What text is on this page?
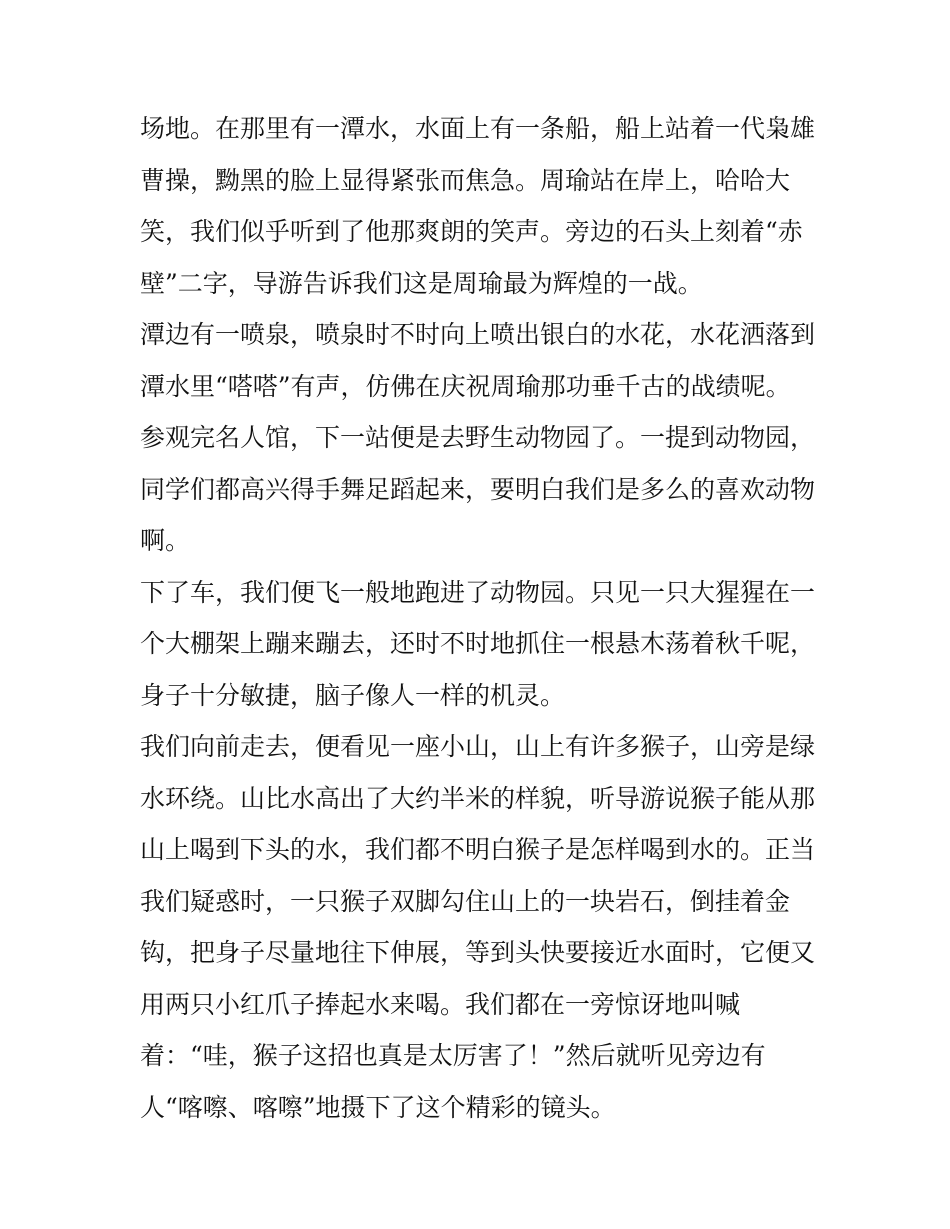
场地。在那里有一潭水，水面上有一条船，船上站着一代枭雄
曹操，黝黑的脸上显得紧张而焦急。周瑜站在岸上，哈哈大
笑，我们似乎听到了他那爽朗的笑声。旁边的石头上刻着“赤
壁”二字，导游告诉我们这是周瑜最为辉煌的一战。
潭边有一喷泉，喷泉时不时向上喷出银白的水花，水花洒落到
潭水里“嗒嗒”有声，仿佛在庆祝周瑜那功垂千古的战绩呢。
参观完名人馆，下一站便是去野生动物园了。一提到动物园，
同学们都高兴得手舞足蹈起来，要明白我们是多么的喜欢动物
啊。
下了车，我们便飞一般地跑进了动物园。只见一只大猩猩在一
个大棚架上蹦来蹦去，还时不时地抓住一根悬木荡着秋千呢，
身子十分敏捷，脑子像人一样的机灵。
我们向前走去，便看见一座小山，山上有许多猴子，山旁是绿
水环绕。山比水高出了大约半米的样貌，听导游说猴子能从那
山上喝到下头的水，我们都不明白猴子是怎样喝到水的。正当
我们疑惑时，一只猴子双脚勾住山上的一块岩石，倒挂着金
钩，把身子尽量地往下伸展，等到头快要接近水面时，它便又
用两只小红爪子捧起水来喝。我们都在一旁惊讶地叫喊
着：“哇，猴子这招也真是太厉害了！”然后就听见旁边有
人“喀嚓、喀嚓”地摄下了这个精彩的镜头。
